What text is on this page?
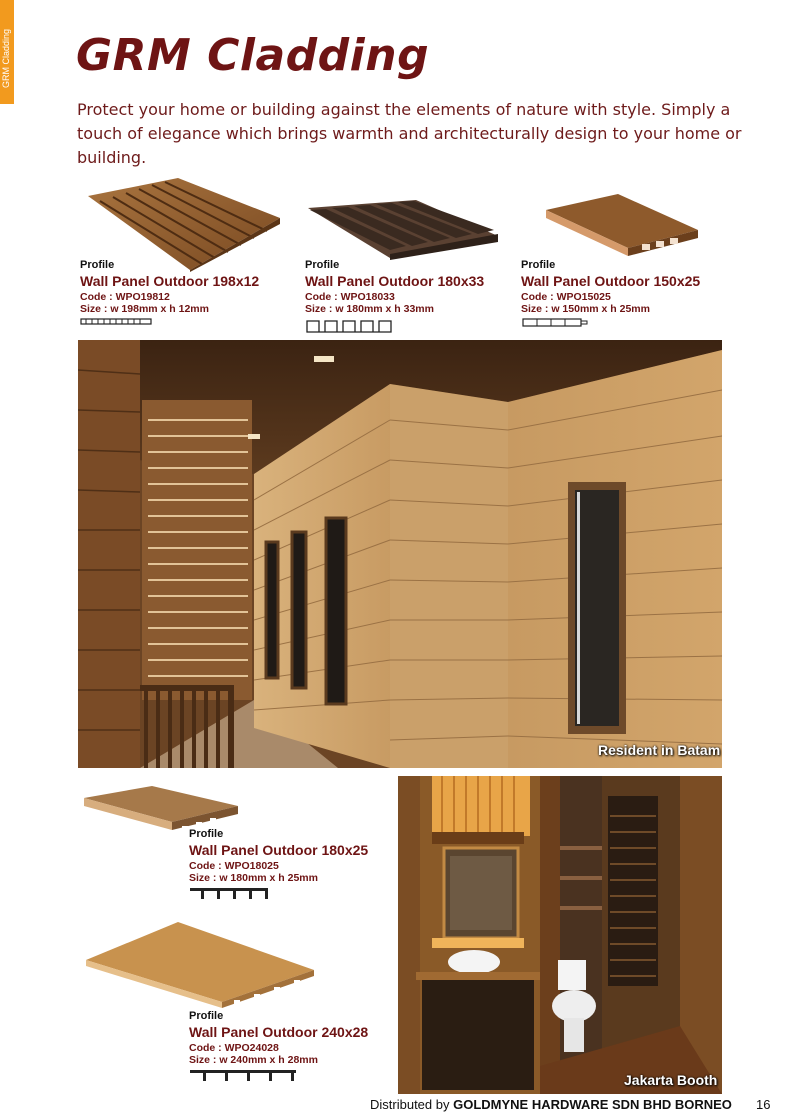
GRM Cladding GRM Cladding

Protect your home or building against the elements of nature with style. Simply a touch of elegance which brings warmth and architecturally design to your home or building.

Profile
Wall Panel Outdoor 198x12
Code : WPO19812
Size : w 198mm x h 12mm
Profile
Wall Panel Outdoor 180x33
Code : WPO18033
Size : w 180mm x h 33mm
Profile
Wall Panel Outdoor 150x25
Code : WPO15025
Size : w 150mm x h 25mm
Resident in Batam
Profile
Wall Panel Outdoor 180x25
Code : WPO18025
Size : w 180mm x h 25mm
Profile
Wall Panel Outdoor 240x28
Code : WPO24028
Size : w 240mm x h 28mm
Jakarta Booth
Distributed by GOLDMYNE HARDWARE SDN BHD BORNEO 16
